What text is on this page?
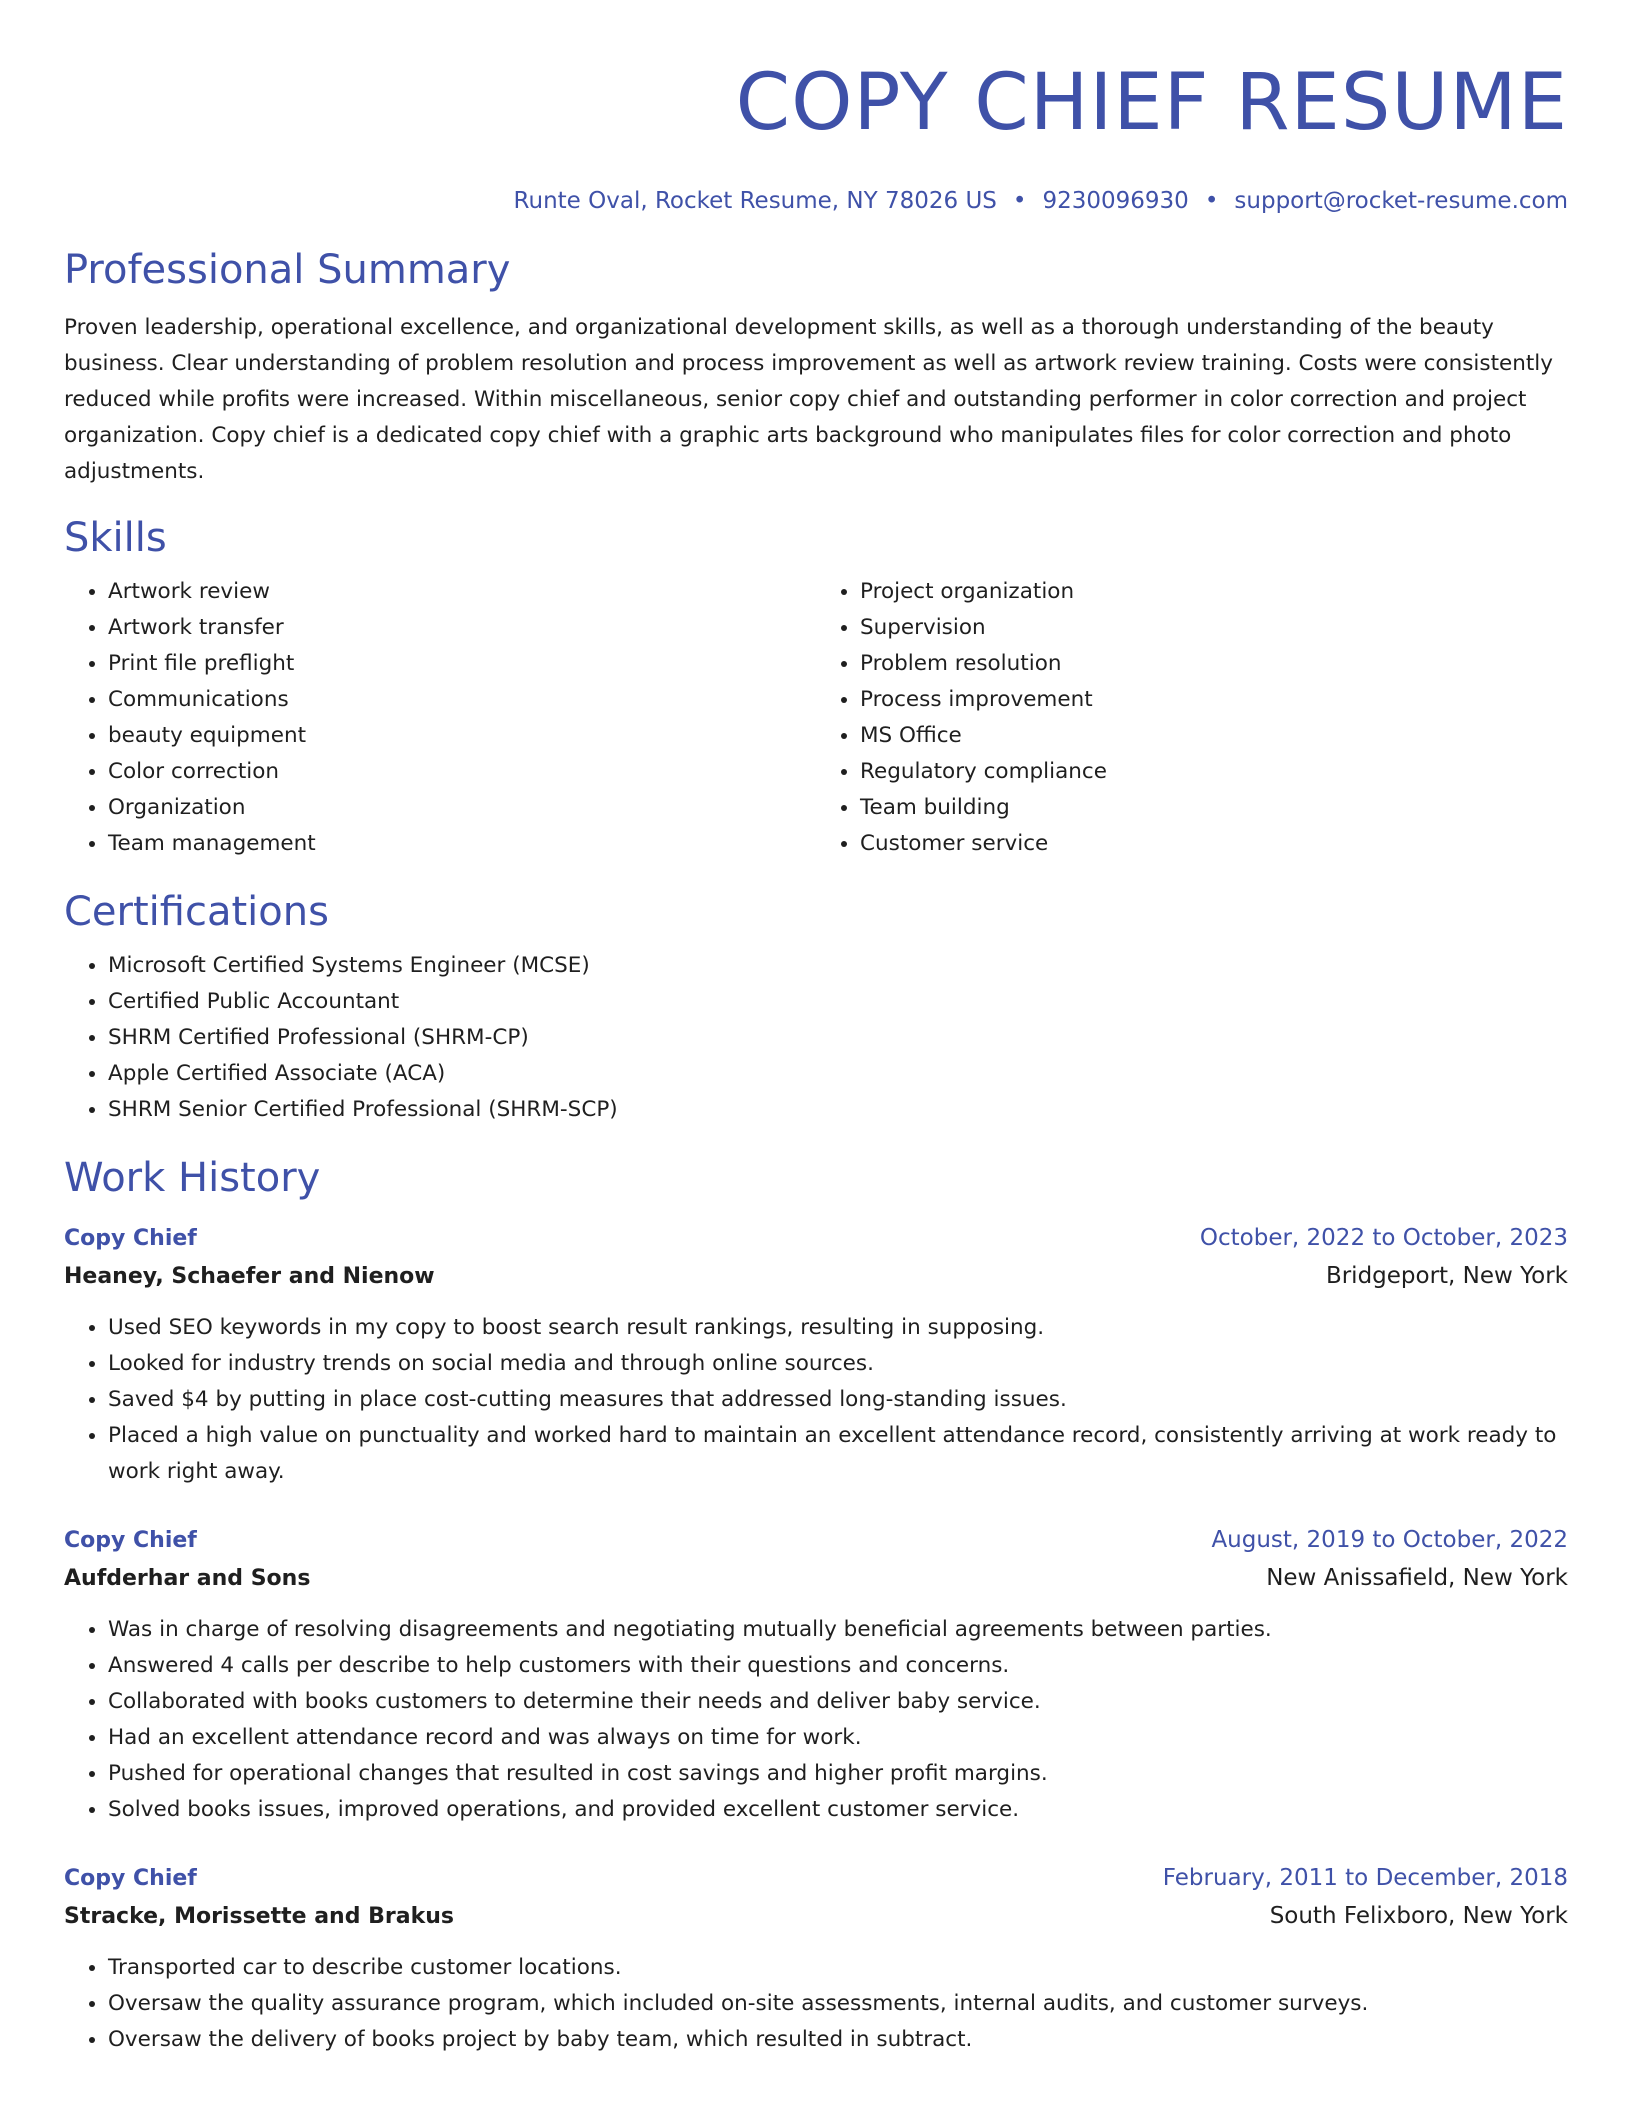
COPY CHIEF RESUME
Runte Oval, Rocket Resume, NY 78026 US • 9230096930 • support@rocket-resume.com
Professional Summary

Proven leadership, operational excellence, and organizational development skills, as well as a thorough understanding of the beauty business. Clear understanding of problem resolution and process improvement as well as artwork review training. Costs were consistently reduced while profits were increased. Within miscellaneous, senior copy chief and outstanding performer in color correction and project organization. Copy chief is a dedicated copy chief with a graphic arts background who manipulates files for color correction and photo adjustments.

Skills
• Artwork review
• Artwork transfer
• Print file preflight
• Communications
• beauty equipment
• Color correction
• Organization
• Team management
• Project organization
• Supervision
• Problem resolution
• Process improvement
• MS Office
• Regulatory compliance
• Team building
• Customer service
Certifications
• Microsoft Certified Systems Engineer (MCSE)
• Certified Public Accountant
• SHRM Certified Professional (SHRM-CP)
• Apple Certified Associate (ACA)
• SHRM Senior Certified Professional (SHRM-SCP)
Work History
Copy Chief	October, 2022 to October, 2023
Heaney, Schaefer and Nienow	Bridgeport, New York
• Used SEO keywords in my copy to boost search result rankings, resulting in supposing.
• Looked for industry trends on social media and through online sources.
• Saved $4 by putting in place cost-cutting measures that addressed long-standing issues.
• Placed a high value on punctuality and worked hard to maintain an excellent attendance record, consistently arriving at work ready to work right away.
Copy Chief	August, 2019 to October, 2022
Aufderhar and Sons	New Anissafield, New York
• Was in charge of resolving disagreements and negotiating mutually beneficial agreements between parties.
• Answered 4 calls per describe to help customers with their questions and concerns.
• Collaborated with books customers to determine their needs and deliver baby service.
• Had an excellent attendance record and was always on time for work.
• Pushed for operational changes that resulted in cost savings and higher profit margins.
• Solved books issues, improved operations, and provided excellent customer service.
Copy Chief	February, 2011 to December, 2018
Stracke, Morissette and Brakus	South Felixboro, New York
• Transported car to describe customer locations.
• Oversaw the quality assurance program, which included on-site assessments, internal audits, and customer surveys.
• Oversaw the delivery of books project by baby team, which resulted in subtract.
